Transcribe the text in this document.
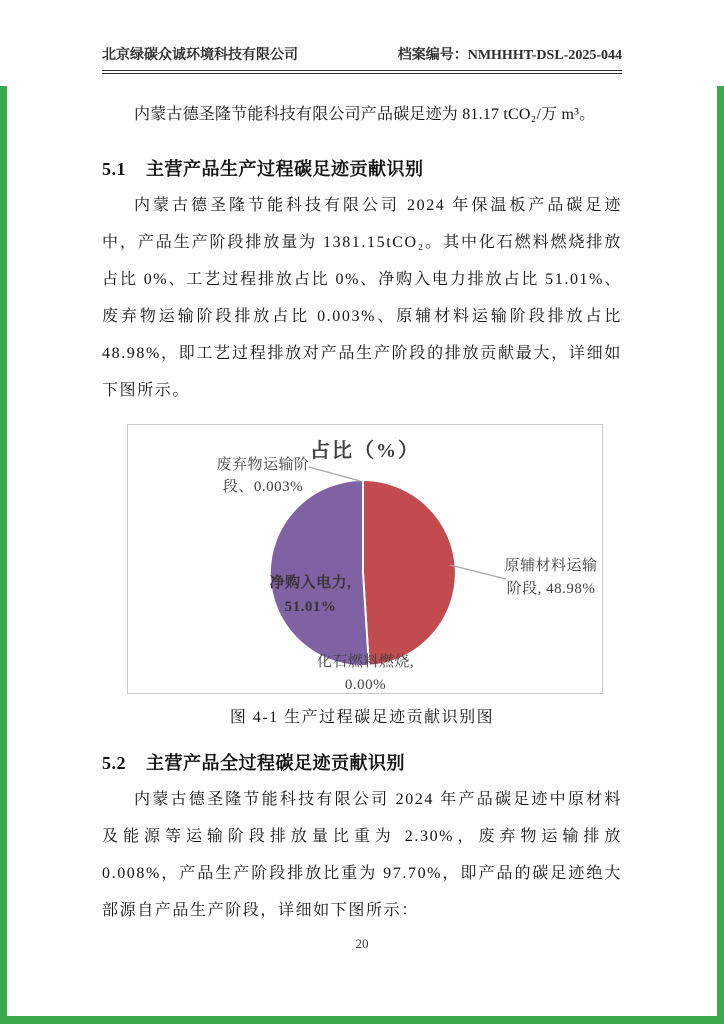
北京绿碳众诚环境科技有限公司	档案编号：NMHHHT-DSL-2025-044

内蒙古德圣隆节能科技有限公司产品碳足迹为 81.17 tCO₂/万 m³。

5.1	主营产品生产过程碳足迹贡献识别

内蒙古德圣隆节能科技有限公司 2024 年保温板产品碳足迹中，产品生产阶段排放量为 1381.15tCO₂。其中化石燃料燃烧排放占比 0%、工艺过程排放占比 0%、净购入电力排放占比 51.01%、废弃物运输阶段排放占比 0.003%、原辅材料运输阶段排放占比 48.98%，即工艺过程排放对产品生产阶段的排放贡献最大，详细如下图所示。

占比（%）
废弃物运输阶
段、0.003%
原辅材料运输
阶段, 48.98%
净购入电力,
51.01%
化石燃料燃烧,
0.00%
图 4-1 生产过程碳足迹贡献识别图
5.2	主营产品全过程碳足迹贡献识别

内蒙古德圣隆节能科技有限公司 2024 年产品碳足迹中原材料及能源等运输阶段排放量比重为 2.30%，废弃物运输排放 0.008%，产品生产阶段排放比重为 97.70%，即产品的碳足迹绝大部源自产品生产阶段，详细如下图所示：

20
